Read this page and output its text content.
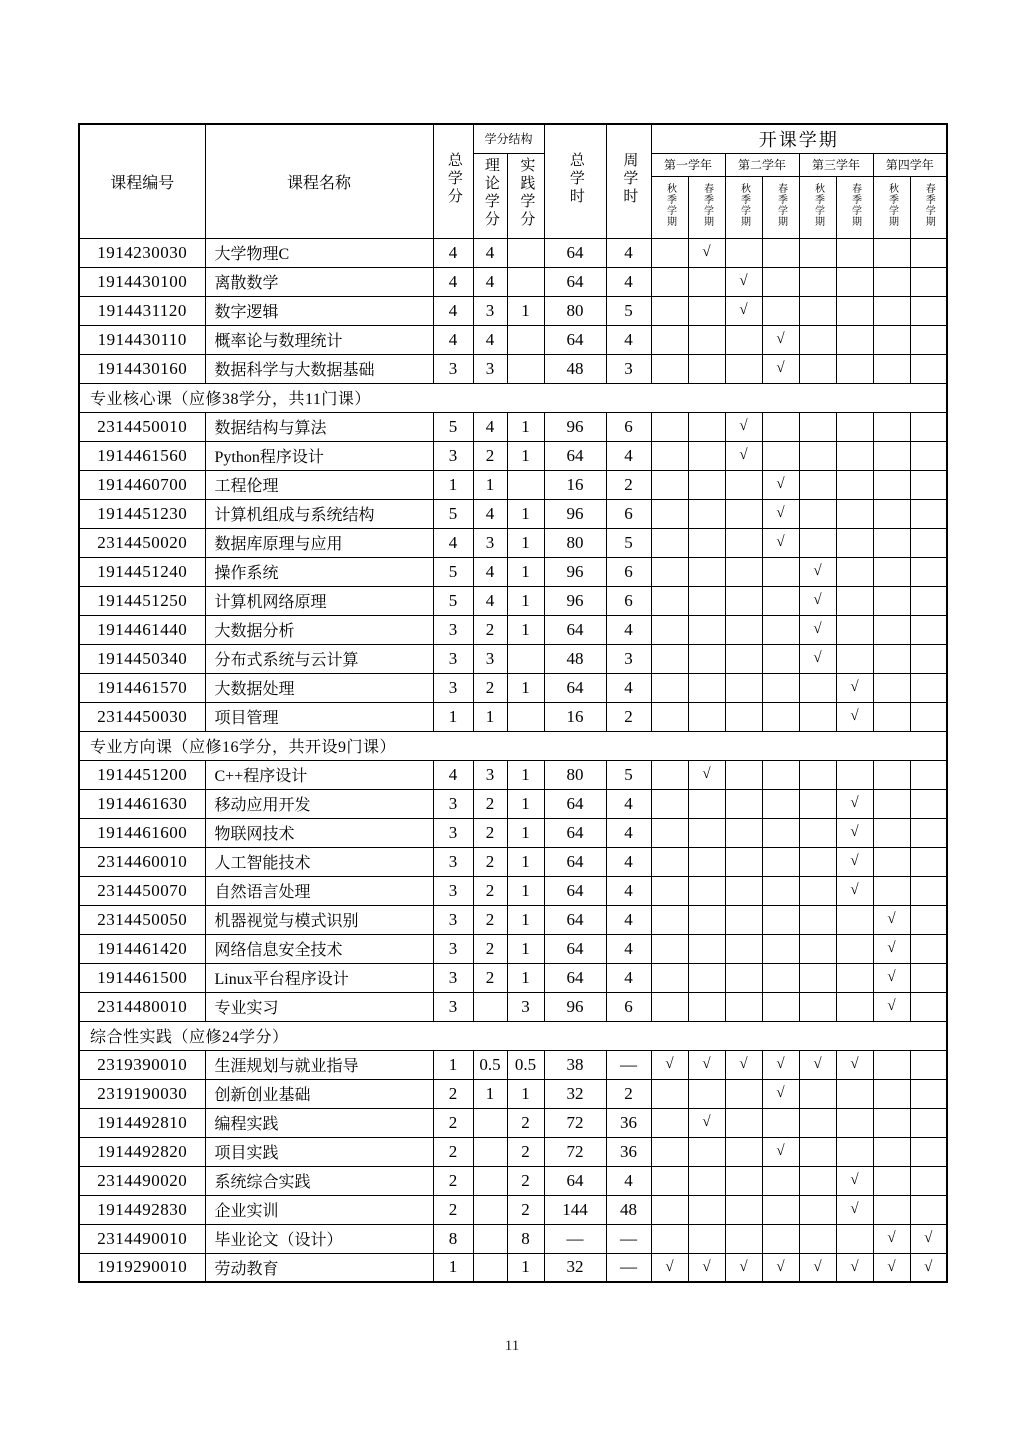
课程编号	课程名称	总学分	学分结构		总学时	周学时	开课学期							
			理论学分	实践学分			第一学年		第二学年		第三学年		第四学年	
							秋季学期	春季学期	秋季学期	春季学期	秋季学期	春季学期	秋季学期	春季学期
1914230030	大学物理C	4	4		64	4		√						
1914430100	离散数学	4	4		64	4			√					
1914431120	数字逻辑	4	3	1	80	5			√					
1914430110	概率论与数理统计	4	4		64	4				√				
1914430160	数据科学与大数据基础	3	3		48	3				√				
专业核心课（应修38学分，共11门课）														
2314450010	数据结构与算法	5	4	1	96	6			√					
1914461560	Python程序设计	3	2	1	64	4			√					
1914460700	工程伦理	1	1		16	2				√				
1914451230	计算机组成与系统结构	5	4	1	96	6				√				
2314450020	数据库原理与应用	4	3	1	80	5				√				
1914451240	操作系统	5	4	1	96	6					√			
1914451250	计算机网络原理	5	4	1	96	6					√			
1914461440	大数据分析	3	2	1	64	4					√			
1914450340	分布式系统与云计算	3	3		48	3					√			
1914461570	大数据处理	3	2	1	64	4						√		
2314450030	项目管理	1	1		16	2						√		
专业方向课（应修16学分，共开设9门课）														
1914451200	C++程序设计	4	3	1	80	5		√						
1914461630	移动应用开发	3	2	1	64	4						√		
1914461600	物联网技术	3	2	1	64	4						√		
2314460010	人工智能技术	3	2	1	64	4						√		
2314450070	自然语言处理	3	2	1	64	4						√		
2314450050	机器视觉与模式识别	3	2	1	64	4							√	
1914461420	网络信息安全技术	3	2	1	64	4							√	
1914461500	Linux平台程序设计	3	2	1	64	4							√	
2314480010	专业实习	3		3	96	6							√	
综合性实践（应修24学分）														
2319390010	生涯规划与就业指导	1	0.5	0.5	38	—	√	√	√	√	√	√		
2319190030	创新创业基础	2	1	1	32	2				√				
1914492810	编程实践	2		2	72	36		√						
1914492820	项目实践	2		2	72	36				√				
2314490020	系统综合实践	2		2	64	4						√		
1914492830	企业实训	2		2	144	48						√		
2314490010	毕业论文（设计）	8		8	—	—							√	√
1919290010	劳动教育	1		1	32	—	√	√	√	√	√	√	√	√
11
